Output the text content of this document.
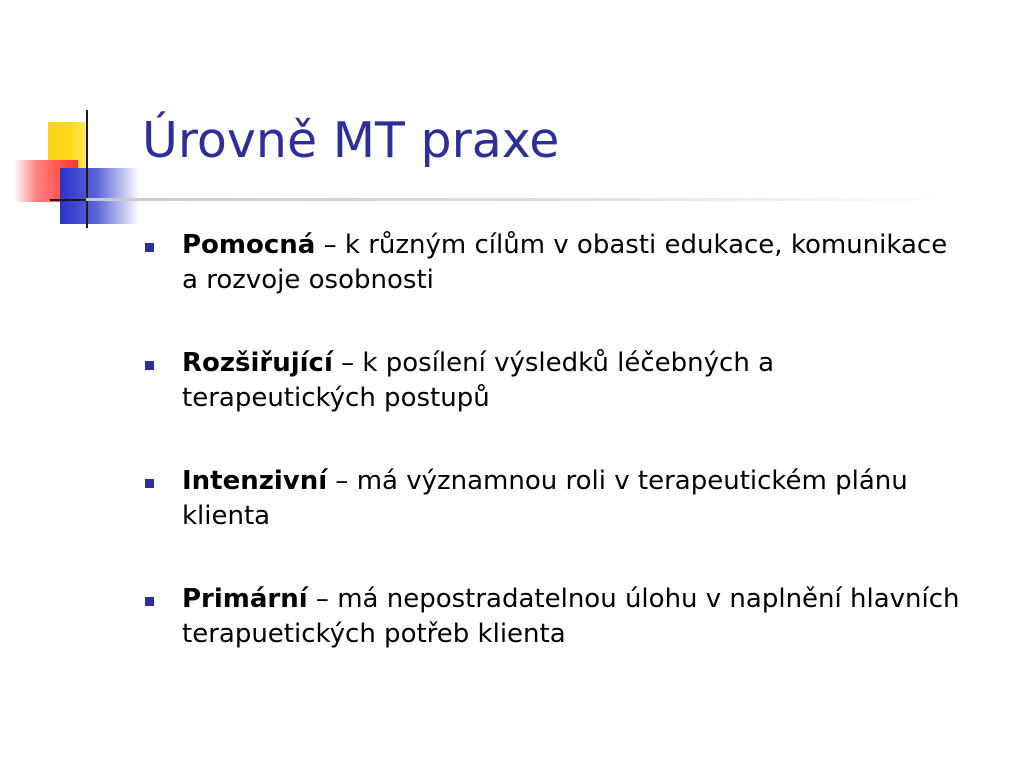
Úrovně MT praxe
Pomocná – k různým cílům v obasti edukace, komunikace a rozvoje osobnosti
Rozšiřující – k posílení výsledků léčebných a terapeutických postupů
Intenzivní – má významnou roli v terapeutickém plánu klienta
Primární – má nepostradatelnou úlohu v naplnění hlavních terapuetických potřeb klienta
